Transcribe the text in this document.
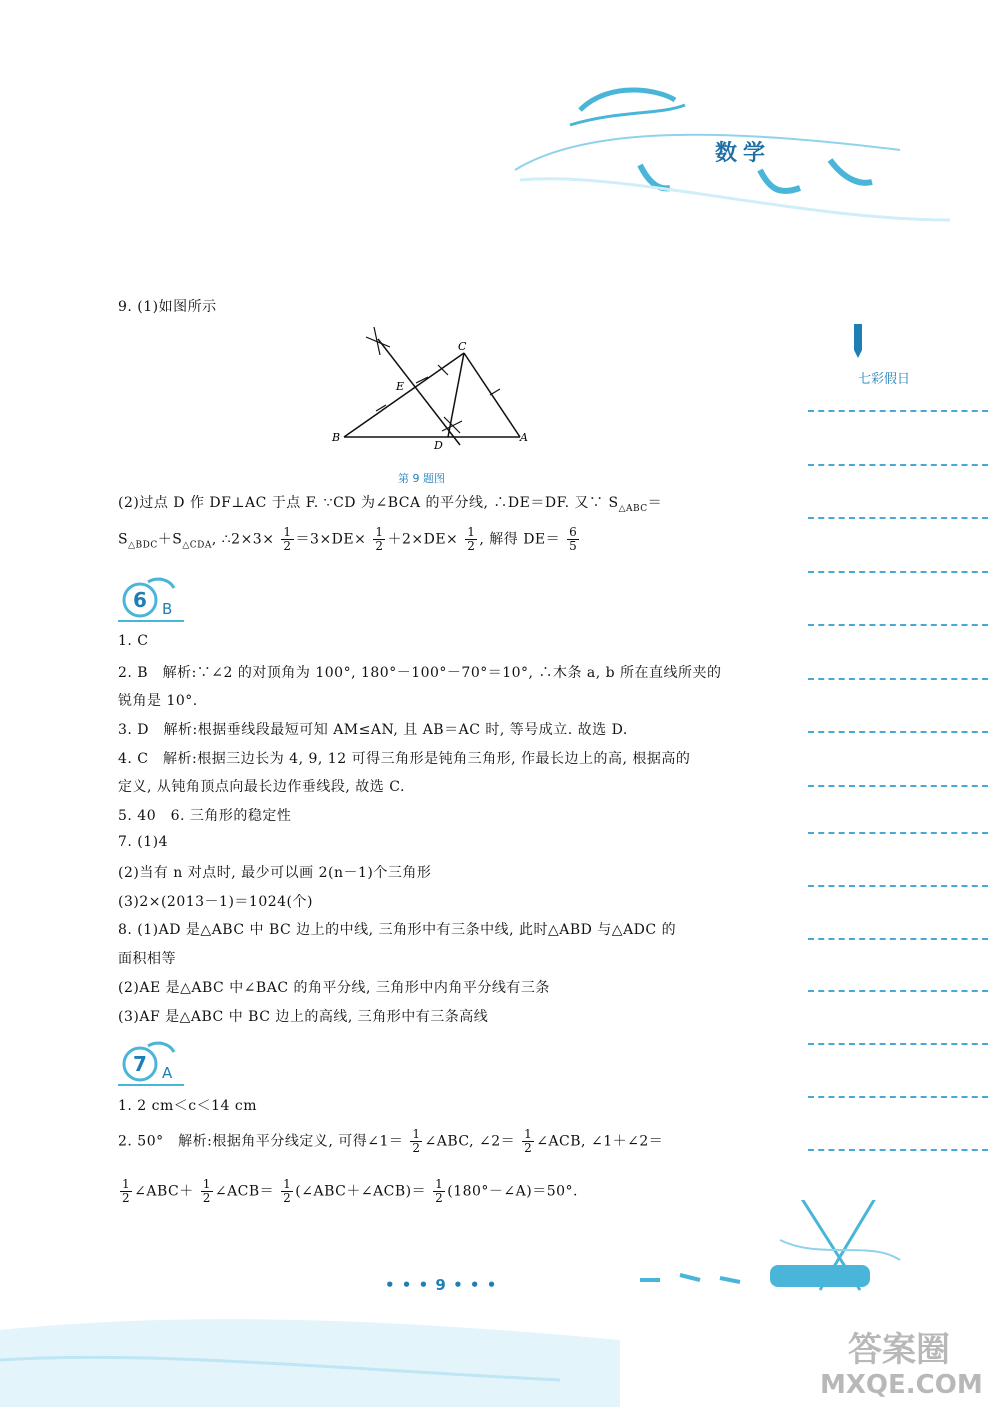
数学
七彩假日
9. (1)如图所示
C
E
B
D
A
第 9 题图
(2)过点 D 作 DF⊥AC 于点 F. ∵CD 为∠BCA 的平分线, ∴DE＝DF. 又∵ $S_{\triangle ABC}=$
$S_{\triangle BDC}+S_{\triangle CDA}$, ∴2×3× $\frac{1}{2} =3\times DE\times \frac{1}{2} +2\times DE\times \frac{1}{2}$ , 解得 $DE= \frac{6}{5}$
6 B
1. C
2. B　解析:∵∠2 的对顶角为 100°, 180°－100°－70°＝10°, ∴木条 a, b 所在直线所夹的
锐角是 10°.
3. D　解析:根据垂线段最短可知 AM≤AN, 且 AB＝AC 时, 等号成立. 故选 D.
4. C　解析:根据三边长为 4, 9, 12 可得三角形是钝角三角形, 作最长边上的高, 根据高的
定义, 从钝角顶点向最长边作垂线段, 故选 C.
5. 40　6. 三角形的稳定性
7. (1)4
(2)当有 n 对点时, 最少可以画 2(n－1)个三角形
(3)2×(2013－1)＝1024(个)
8. (1)AD 是△ABC 中 BC 边上的中线, 三角形中有三条中线, 此时△ABD 与△ADC 的
面积相等
(2)AE 是△ABC 中∠BAC 的角平分线, 三角形中内角平分线有三条
(3)AF 是△ABC 中 BC 边上的高线, 三角形中有三条高线
7 A
1. 2 cm＜c＜14 cm
2. 50°　解析:根据角平分线定义, 可得∠1＝ $\frac{1}{2}$ ∠ABC, ∠2＝ $\frac{1}{2}$ ∠ACB, ∠1＋∠2＝
$\frac{1}{2}$ ∠ABC＋ $\frac{1}{2}$ ∠ACB＝ $\frac{1}{2}$ (∠ABC＋∠ACB)＝ $\frac{1}{2}$ (180°－∠A)＝50°.
• • • 9 • • •
答案圈
MXQE.COM
